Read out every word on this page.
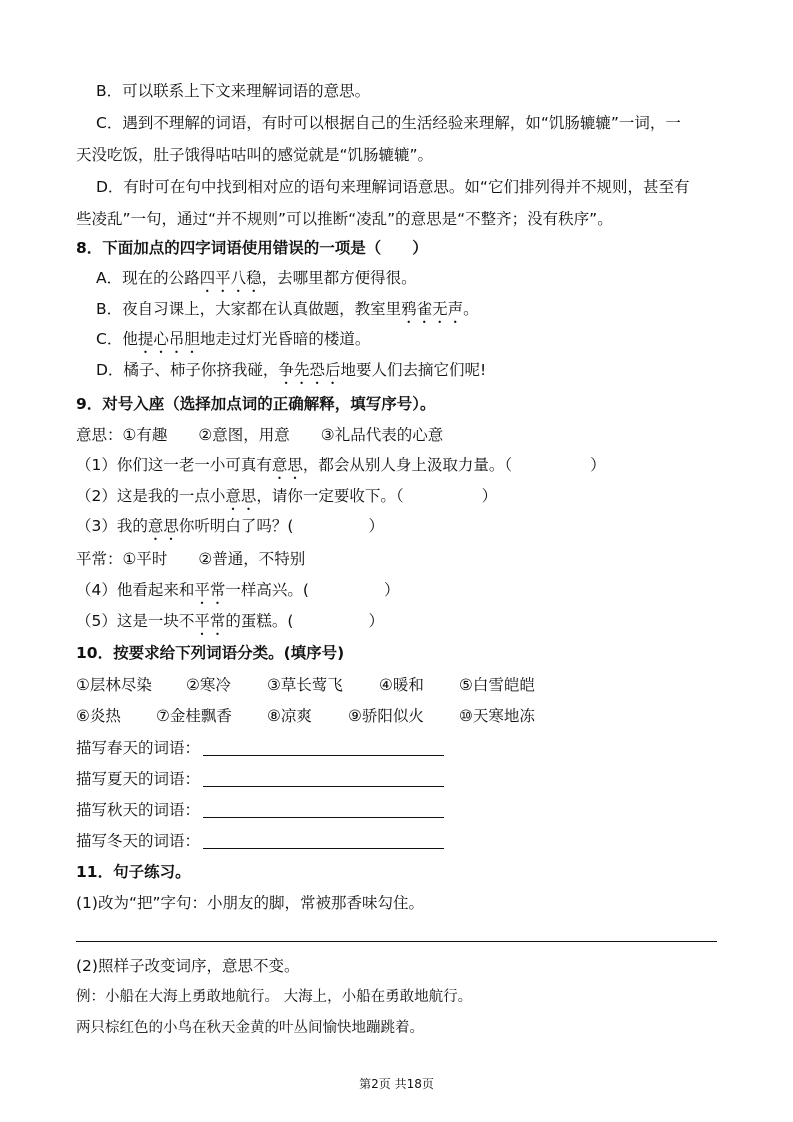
B．可以联系上下文来理解词语的意思。
C．遇到不理解的词语，有时可以根据自己的生活经验来理解，如“饥肠辘辘”一词，一
天没吃饭，肚子饿得咕咕叫的感觉就是“饥肠辘辘”。
D．有时可在句中找到相对应的语句来理解词语意思。如“它们排列得并不规则，甚至有
些凌乱”一句，通过“并不规则”可以推断“凌乱”的意思是“不整齐；没有秩序”。
8．下面加点的四字词语使用错误的一项是（　　）
A．现在的公路四平八稳，去哪里都方便得很。
B．夜自习课上，大家都在认真做题，教室里鸦雀无声。
C．他提心吊胆地走过灯光昏暗的楼道。
D．橘子、柿子你挤我碰，争先恐后地要人们去摘它们呢!
9．对号入座（选择加点词的正确解释，填写序号）。
意思：①有趣　　②意图，用意　　③礼品代表的心意
（1）你们这一老一小可真有意思，都会从别人身上汲取力量。（	）
（2）这是我的一点小意思，请你一定要收下。（	）
（3）我的意思你听明白了吗？(	）
平常：①平时　　②普通，不特别
（4）他看起来和平常一样高兴。(	）
（5）这是一块不平常的蛋糕。(	）
10．按要求给下列词语分类。(填序号)
①层林尽染 ②寒冷 ③草长莺飞 ④暖和 ⑤白雪皑皑
⑥炎热 ⑦金桂飘香 ⑧凉爽 ⑨骄阳似火 ⑩天寒地冻
描写春天的词语：
描写夏天的词语：
描写秋天的词语：
描写冬天的词语：
11．句子练习。
(1)改为“把”字句：小朋友的脚，常被那香味勾住。
(2)照样子改变词序，意思不变。
例：小船在大海上勇敢地航行。 大海上，小船在勇敢地航行。
两只棕红色的小鸟在秋天金黄的叶丛间愉快地蹦跳着。
第2页 共18页
